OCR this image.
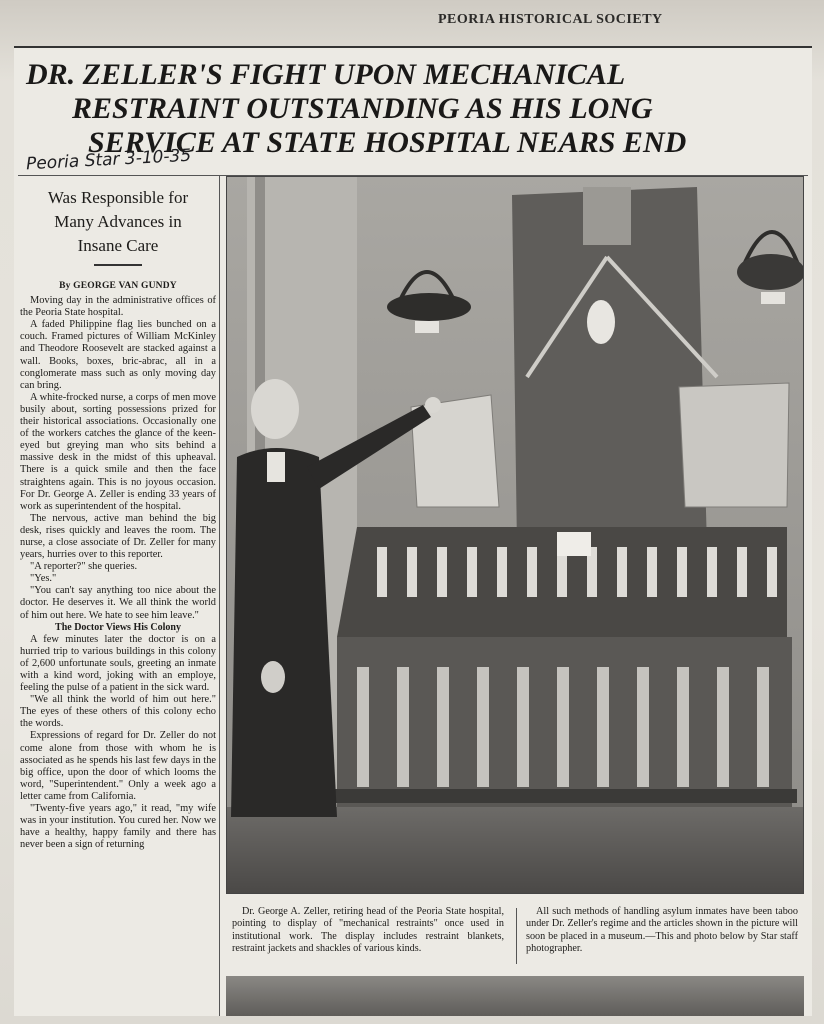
PEORIA HISTORICAL SOCIETY
DR. ZELLER'S FIGHT UPON MECHANICAL
RESTRAINT OUTSTANDING AS HIS LONG
SERVICE AT STATE HOSPITAL NEARS END
Peoria Star 3-10-35
Was Responsible for
Many Advances in
Insane Care
By GEORGE VAN GUNDY

Moving day in the administrative offices of the Peoria State hospital.

A faded Philippine flag lies bunched on a couch. Framed pictures of William McKinley and Theodore Roosevelt are stacked against a wall. Books, boxes, bric-abrac, all in a conglomerate mass such as only moving day can bring.

A white-frocked nurse, a corps of men move busily about, sorting possessions prized for their historical associations. Occasionally one of the workers catches the glance of the keen-eyed but greying man who sits behind a massive desk in the midst of this upheaval. There is a quick smile and then the face straightens again. This is no joyous occasion. For Dr. George A. Zeller is ending 33 years of work as superintendent of the hospital.

The nervous, active man behind the big desk, rises quickly and leaves the room. The nurse, a close associate of Dr. Zeller for many years, hurries over to this reporter.

"A reporter?" she queries.

"Yes."

"You can't say anything too nice about the doctor. He deserves it. We all think the world of him out here. We hate to see him leave."

The Doctor Views His Colony

A few minutes later the doctor is on a hurried trip to various buildings in this colony of 2,600 unfortunate souls, greeting an inmate with a kind word, joking with an employe, feeling the pulse of a patient in the sick ward.

"We all think the world of him out here." The eyes of these others of this colony echo the words.

Expressions of regard for Dr. Zeller do not come alone from those with whom he is associated as he spends his last few days in the big office, upon the door of which looms the word, "Superintendent." Only a week ago a letter came from California.

"Twenty-five years ago," it read, "my wife was in your institution. You cured her. Now we have a healthy, happy family and there has never been a sign of returning

Dr. George A. Zeller, retiring head of the Peoria State hospital, pointing to display of "mechanical restraints" once used in institutional work. The display includes restraint blankets, restraint jackets and shackles of various kinds.

All such methods of handling asylum inmates have been taboo under Dr. Zeller's regime and the articles shown in the picture will soon be placed in a museum.—This and photo below by Star staff photographer.
